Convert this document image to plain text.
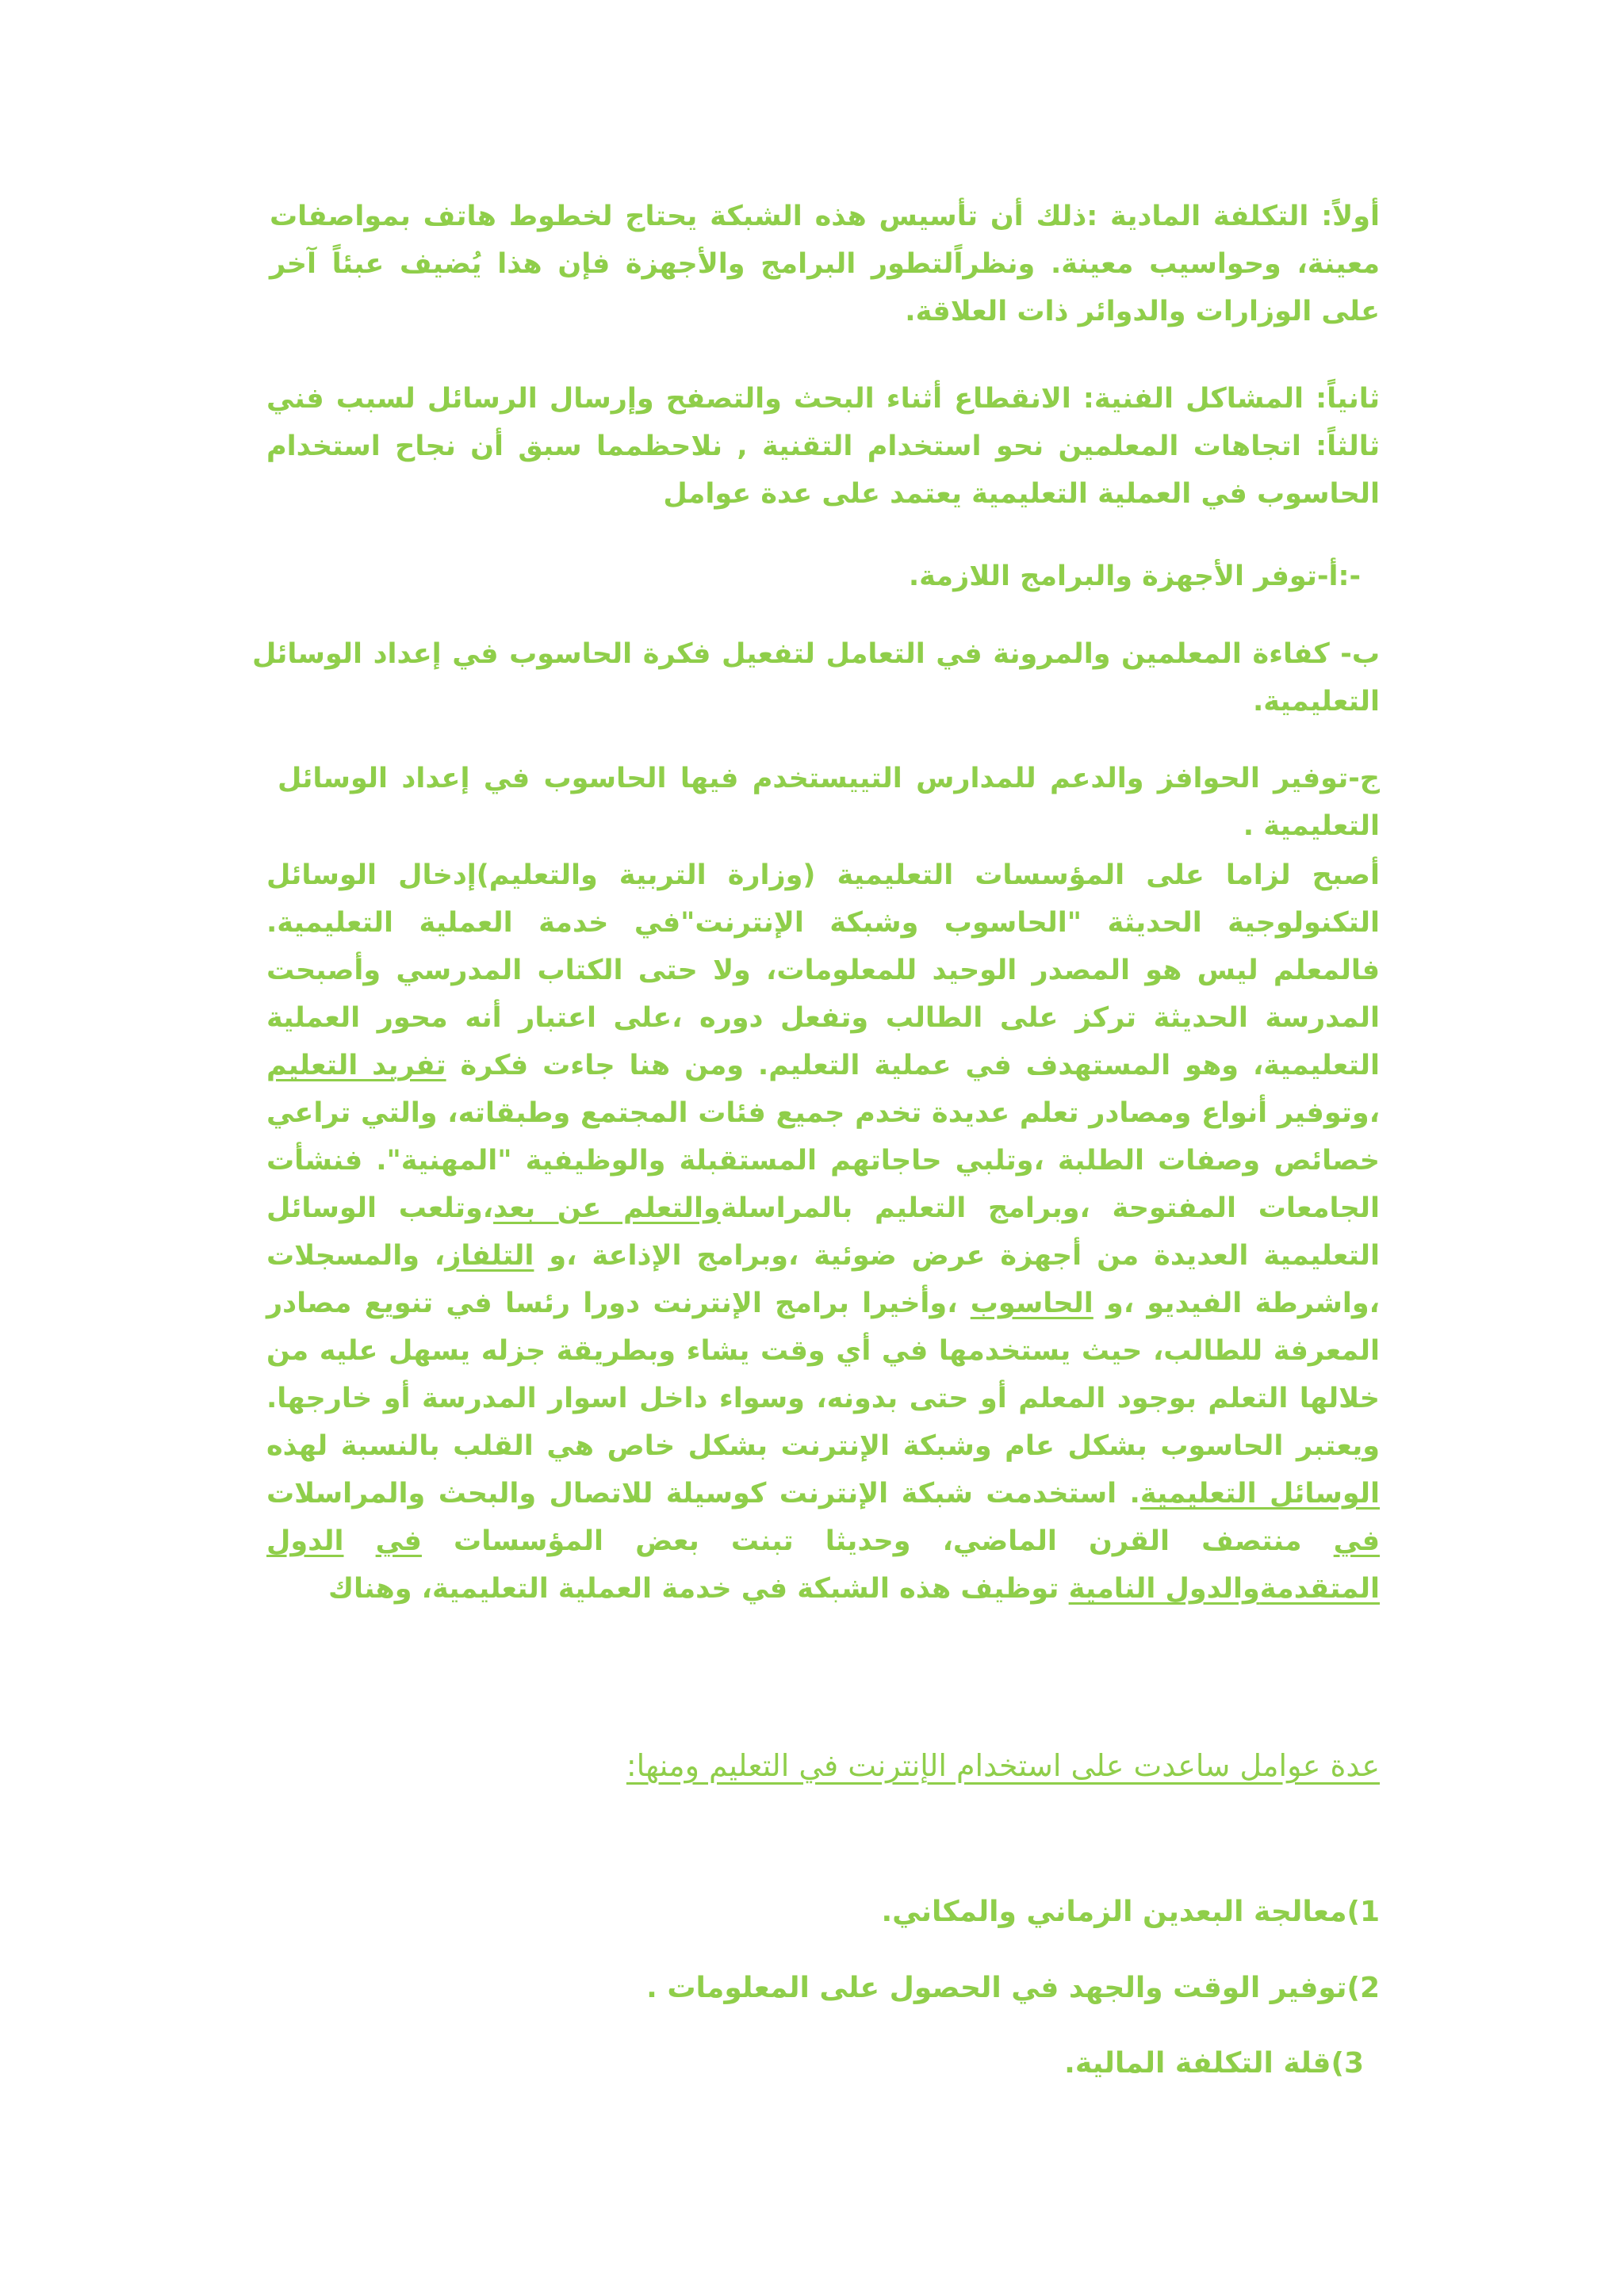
أولاً: التكلفة المادية :ذلك أن تأسيس هذه الشبكة يحتاج لخطوط هاتف بمواصفات معينة، وحواسيب معينة. ونظراًلتطور البرامج والأجهزة فإن هذا يُضيف عبئاً آخر على الوزارات والدوائر ذات العلاقة.

ثانياً: المشاكل الفنية: الانقطاع أثناء البحث والتصفح وإرسال الرسائل لسبب فني ثالثاً: اتجاهات المعلمين نحو استخدام التقنية , نلاحظمما سبق أن نجاح استخدام الحاسوب في العملية التعليمية يعتمد على عدة عوامل

-:أ-توفر الأجهزة والبرامج اللازمة.

ب- كفاءة المعلمين والمرونة في التعامل لتفعيل فكرة الحاسوب في إعداد الوسائل التعليمية.

ج-توفير الحوافز والدعم للمدارس التييستخدم فيها الحاسوب في إعداد الوسائل التعليمية .

أصبح لزاما على المؤسسات التعليمية (وزارة التربية والتعليم)إدخال الوسائل التكنولوجية الحديثة "الحاسوب وشبكة الإنترنت"في خدمة العملية التعليمية. فالمعلم ليس هو المصدر الوحيد للمعلومات، ولا حتى الكتاب المدرسي وأصبحت المدرسة الحديثة تركز على الطالب وتفعل دوره ،على اعتبار أنه محور العملية التعليمية، وهو المستهدف في عملية التعليم. ومن هنا جاءت فكرة تفريد التعليم ،وتوفير أنواع ومصادر تعلم عديدة تخدم جميع فئات المجتمع وطبقاته، والتي تراعي خصائص وصفات الطلبة ،وتلبي حاجاتهم المستقبلة والوظيفية "المهنية". فنشأت الجامعات المفتوحة ،وبرامج التعليم بالمراسلةوالتعلم عن بعد،وتلعب الوسائل التعليمية العديدة من أجهزة عرض ضوئية ،وبرامج الإذاعة ،و التلفاز، والمسجلات ،واشرطة الفيديو ،و الحاسوب ،وأخيرا برامج الإنترنت دورا رئسا في تنويع مصادر المعرفة للطالب، حيث يستخدمها في أي وقت يشاء وبطريقة جزله يسهل عليه من خلالها التعلم بوجود المعلم أو حتى بدونه، وسواء داخل اسوار المدرسة أو خارجها. ويعتبر الحاسوب بشكل عام وشبكة الإنترنت بشكل خاص هي القلب بالنسبة لهذه الوسائل التعليمية. استخدمت شبكة الإنترنت كوسيلة للاتصال والبحث والمراسلات في منتصف القرن الماضي، وحديثا تبنت بعض المؤسسات في الدول المتقدمةوالدول النامية توظيف هذه الشبكة في خدمة العملية التعليمية، وهناك

عدة عوامل ساعدت على استخدام الإنترنت في التعليم ومنها:

1)معالجة البعدين الزماني والمكاني.

2)توفير الوقت والجهد في الحصول على المعلومات .

3)قلة التكلفة المالية.
